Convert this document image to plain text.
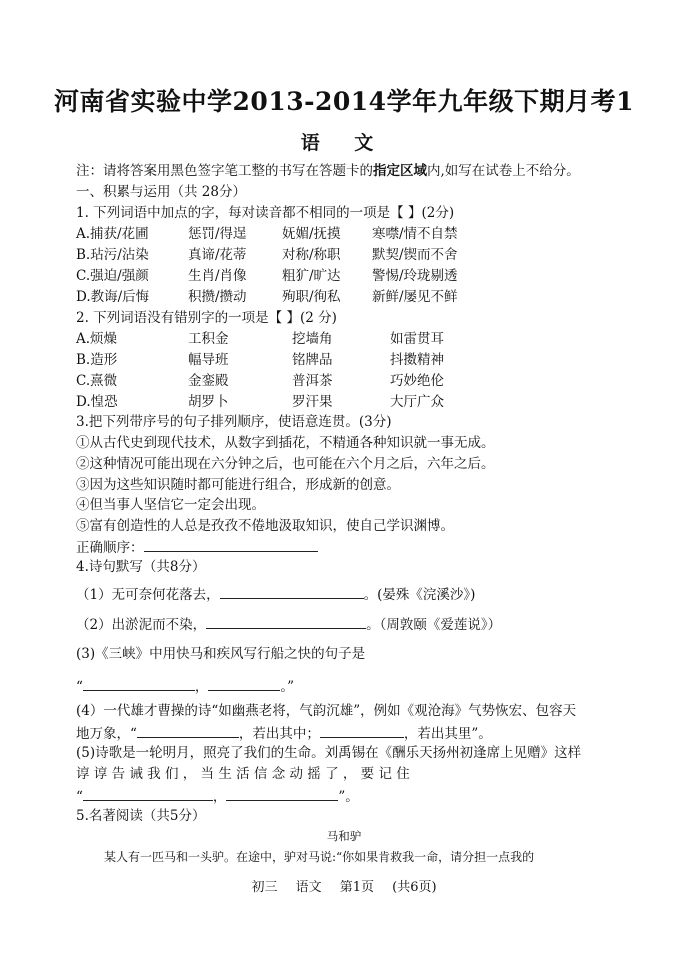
河南省实验中学2013-2014学年九年级下期月考1
语 文
注：请将答案用黑色签字笔工整的书写在答题卡的指定区域内,如写在试卷上不给分。
一、积累与运用（共 28分）
1. 下列词语中加点的字，每对读音都不相同的一项是【 】(2分)
A.捕获/花圃	惩罚/得逞	妩媚/抚摸 寒噤/情不自禁
B.玷污/沾染	真谛/花蒂	对称/称职 默契/锲而不舍
C.强迫/强颜	生肖/肖像	粗犷/旷达 警惕/玲珑剔透
D.教诲/后悔	积攒/攒动	殉职/徇私 新鲜/屡见不鲜
2. 下列词语没有错别字的一项是【 】(2 分)
A.烦燥	工积金	挖墙角	如雷贯耳
B.造形	幅导班	铭牌品	抖擞精神
C.熹微	金銮殿	普洱茶	巧妙绝伦
D.惶恐	胡罗卜	罗汗果	大厅广众
3.把下列带序号的句子排列顺序，使语意连贯。(3分)
①从古代史到现代技术，从数字到插花，不精通各种知识就一事无成。
②这种情况可能出现在六分钟之后，也可能在六个月之后，六年之后。
③因为这些知识随时都可能进行组合，形成新的创意。
④但当事人坚信它一定会出现。
⑤富有创造性的人总是孜孜不倦地汲取知识，使自己学识渊博。
正确顺序：
4.诗句默写（共8分）
（1）无可奈何花落去，	。(晏殊《浣溪沙》)
（2）出淤泥而不染，	。（周敦颐《爱莲说》）
(3)《三峡》中用快马和疾风写行船之快的句子是
“	，	。”
(4）一代雄才曹操的诗“如幽燕老将，气韵沉雄”，例如《观沧海》气势恢宏、包容天
地万象，“	，若出其中；	，若出其里”。
(5)诗歌是一轮明月，照亮了我们的生命。刘禹锡在《酬乐天扬州初逢席上见赠》这样
谆 谆 告 诫 我 们 ， 当 生 活 信 念 动 摇 了 ， 要 记 住
“	，	”。
5.名著阅读（共5分）
马和驴
某人有一匹马和一头驴。在途中，驴对马说:“你如果肯救我一命，请分担一点我的
初三 语文 第1页 (共6页)
